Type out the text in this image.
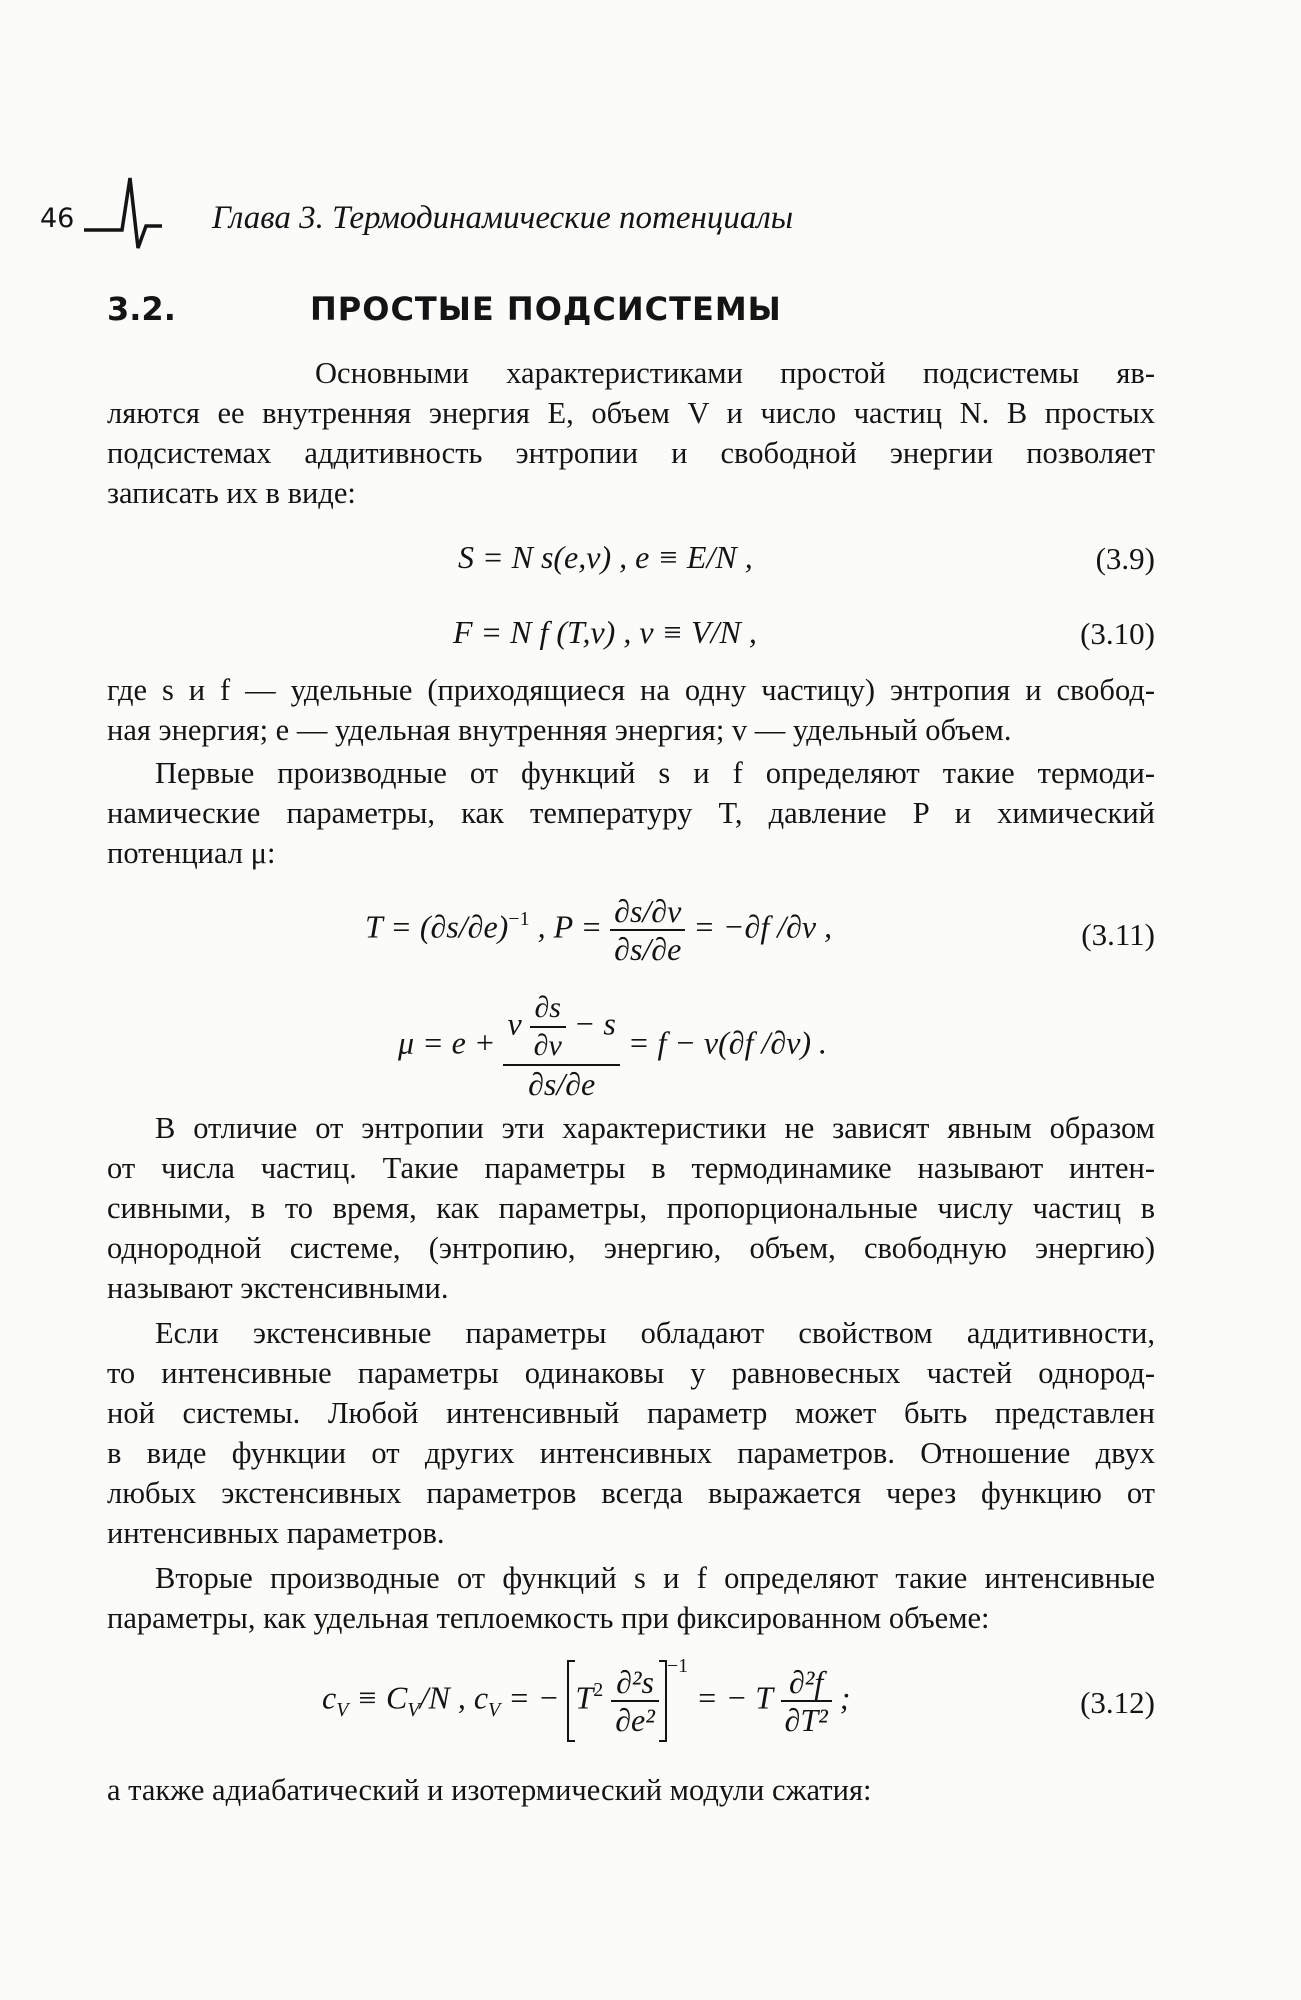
46	Глава 3. Термодинамические потенциалы
3.2.	ПРОСТЫЕ ПОДСИСТЕМЫ
Основными характеристиками простой подсистемы яв-
ляются ее внутренняя энергия E, объем V и число частиц N. В простых
подсистемах аддитивность энтропии и свободной энергии позволяет
записать их в виде:
S = N s(e,v) , e ≡ E/N ,	(3.9)
F = N f (T,v) , v ≡ V/N ,	(3.10)
где s и f — удельные (приходящиеся на одну частицу) энтропия и свобод-
ная энергия; e — удельная внутренняя энергия; v — удельный объем.
Первые производные от функций s и f определяют такие термоди-
намические параметры, как температуру T, давление P и химический
потенциал μ:
$T = (\partial s/\partial e)^{-1}$ , $P = \frac{\partial s/\partial v}{\partial s/\partial e} = -\partial f$ /∂v ,	(3.11)
$\mu = e + \frac{v \frac{\partial s}{\partial v} - s}{\partial s/\partial e} = f - v(\partial f$ /∂v) .
В отличие от энтропии эти характеристики не зависят явным образом
от числа частиц. Такие параметры в термодинамике называют интен-
сивными, в то время, как параметры, пропорциональные числу частиц в
однородной системе, (энтропию, энергию, объем, свободную энергию)
называют экстенсивными.
Если экстенсивные параметры обладают свойством аддитивности,
то интенсивные параметры одинаковы у равновесных частей однород-
ной системы. Любой интенсивный параметр может быть представлен
в виде функции от других интенсивных параметров. Отношение двух
любых экстенсивных параметров всегда выражается через функцию от
интенсивных параметров.
Вторые производные от функций s и f определяют такие интенсивные
параметры, как удельная теплоемкость при фиксированном объеме:
$c_V \equiv C_V/N$ , $c_V$ = − $T^2 \frac{\text{∂²s}}{\text{∂e²}} ^{-1}$ = − T $\frac{\text{∂²f}}{\text{∂T²}}$ ;	(3.12)
а также адиабатический и изотермический модули сжатия:
